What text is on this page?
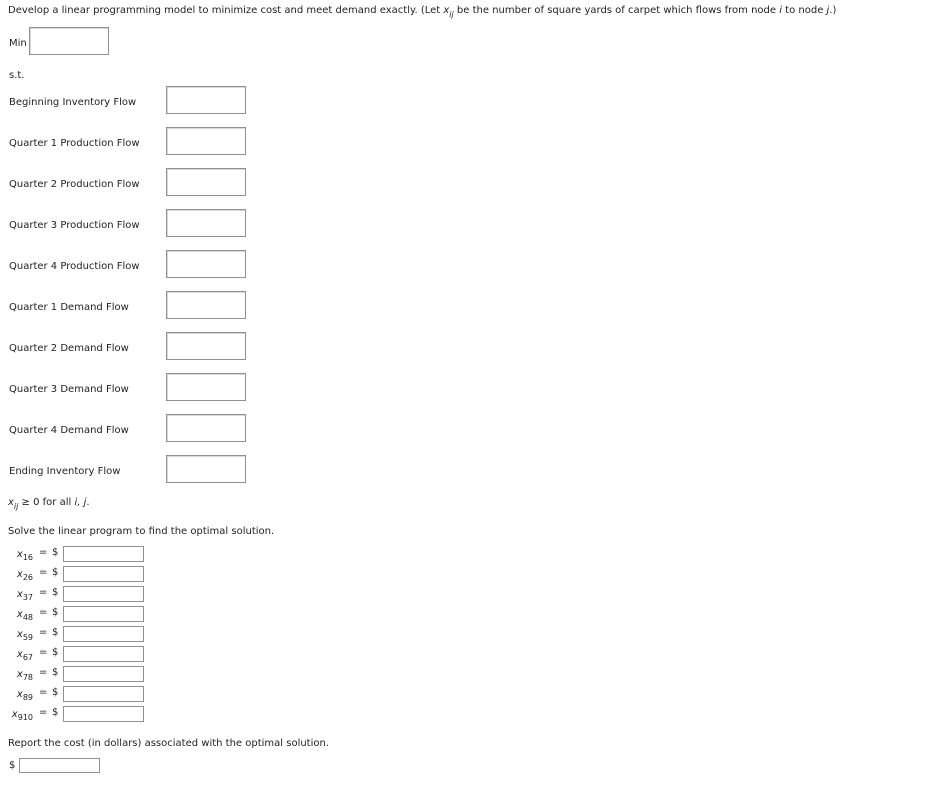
Develop a linear programming model to minimize cost and meet demand exactly. (Let $x_{ij}$ be the number of square yards of carpet which flows from node i to node j.)
Min
s.t.
Beginning Inventory Flow
Quarter 1 Production Flow
Quarter 2 Production Flow
Quarter 3 Production Flow
Quarter 4 Production Flow
Quarter 1 Demand Flow
Quarter 2 Demand Flow
Quarter 3 Demand Flow
Quarter 4 Demand Flow
Ending Inventory Flow
$x_{ij} \ge 0$ for all i, j.
Solve the linear program to find the optimal solution.
$x_{16}$ = $
$x_{26}$ = $
$x_{37}$ = $
$x_{48}$ = $
$x_{59}$ = $
$x_{67}$ = $
$x_{78}$ = $
$x_{89}$ = $
$x_{910}$ = $
Report the cost (in dollars) associated with the optimal solution.
$
